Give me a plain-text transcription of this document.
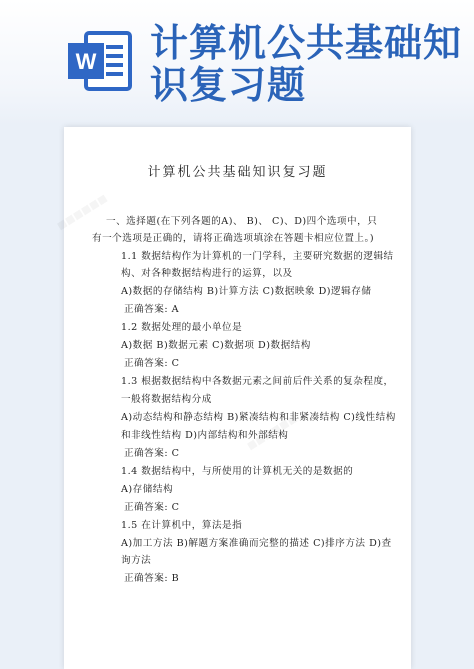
W 计算机公共基础知
识复习题
■■■■■■
■■■■■■
计算机公共基础知识复习题
一、选择题(在下列各题的A)、 B)、 C)、D)四个选项中，只
有一个选项是正确的，请将正确选项填涂在答题卡相应位置上。)
1.1 数据结构作为计算机的一门学科，主要研究数据的逻辑结
构、对各种数据结构进行的运算，以及
A)数据的存储结构 B)计算方法 C)数据映象 D)逻辑存储
正确答案: A
1.2 数据处理的最小单位是
A)数据 B)数据元素 C)数据项 D)数据结构
正确答案: C
1.3 根据数据结构中各数据元素之间前后件关系的复杂程度，
一般将数据结构分成
A)动态结构和静态结构 B)紧凑结构和非紧凑结构 C)线性结构
和非线性结构 D)内部结构和外部结构
正确答案: C
1.4 数据结构中，与所使用的计算机无关的是数据的
A)存储结构
正确答案: C
1.5 在计算机中，算法是指
A)加工方法 B)解题方案准确而完整的描述 C)排序方法 D)查
询方法
正确答案: B
